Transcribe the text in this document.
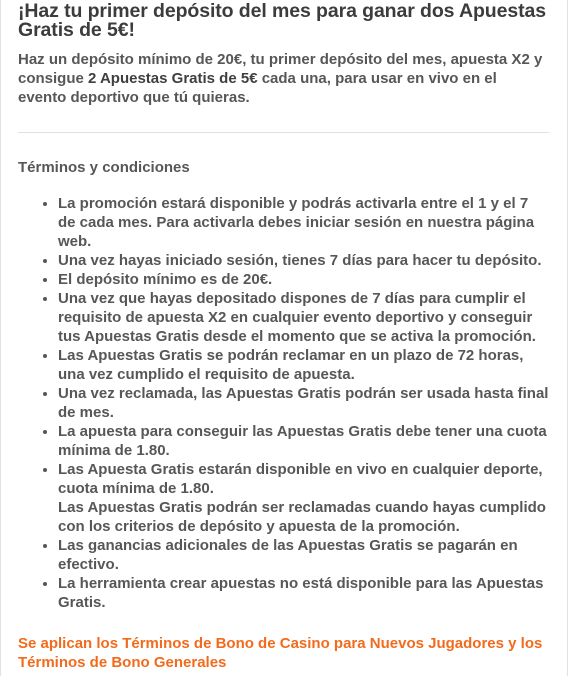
¡Haz tu primer depósito del mes para ganar dos Apuestas Gratis de 5€!

Haz un depósito mínimo de 20€, tu primer depósito del mes, apuesta X2 y consigue 2 Apuestas Gratis de 5€ cada una, para usar en vivo en el evento deportivo que tú quieras.

Términos y condiciones
• La promoción estará disponible y podrás activarla entre el 1 y el 7 de cada mes. Para activarla debes iniciar sesión en nuestra página web.
• Una vez hayas iniciado sesión, tienes 7 días para hacer tu depósito.
• El depósito mínimo es de 20€.
• Una vez que hayas depositado dispones de 7 días para cumplir el requisito de apuesta X2 en cualquier evento deportivo y conseguir tus Apuestas Gratis desde el momento que se activa la promoción.
• Las Apuestas Gratis se podrán reclamar en un plazo de 72 horas, una vez cumplido el requisito de apuesta.
• Una vez reclamada, las Apuestas Gratis podrán ser usada hasta final de mes.
• La apuesta para conseguir las Apuestas Gratis debe tener una cuota mínima de 1.80.
• Las Apuesta Gratis estarán disponible en vivo en cualquier deporte, cuota mínima de 1.80.
Las Apuestas Gratis podrán ser reclamadas cuando hayas cumplido con los criterios de depósito y apuesta de la promoción.
• Las ganancias adicionales de las Apuestas Gratis se pagarán en efectivo.
• La herramienta crear apuestas no está disponible para las Apuestas Gratis.

Se aplican los Términos de Bono de Casino para Nuevos Jugadores y los Términos de Bono Generales
